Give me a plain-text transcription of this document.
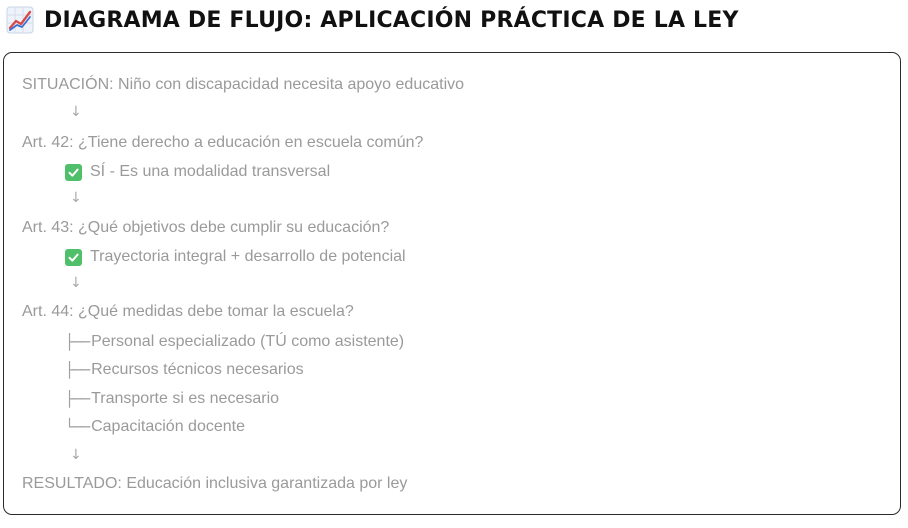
DIAGRAMA DE FLUJO: APLICACIÓN PRÁCTICA DE LA LEY
SITUACIÓN: Niño con discapacidad necesita apoyo educativo
↓
Art. 42: ¿Tiene derecho a educación en escuela común?
SÍ - Es una modalidad transversal
↓
Art. 43: ¿Qué objetivos debe cumplir su educación?
Trayectoria integral + desarrollo de potencial
↓
Art. 44: ¿Qué medidas debe tomar la escuela?
├── Personal especializado (TÚ como asistente)
├── Recursos técnicos necesarios
├── Transporte si es necesario
└── Capacitación docente
↓
RESULTADO: Educación inclusiva garantizada por ley
